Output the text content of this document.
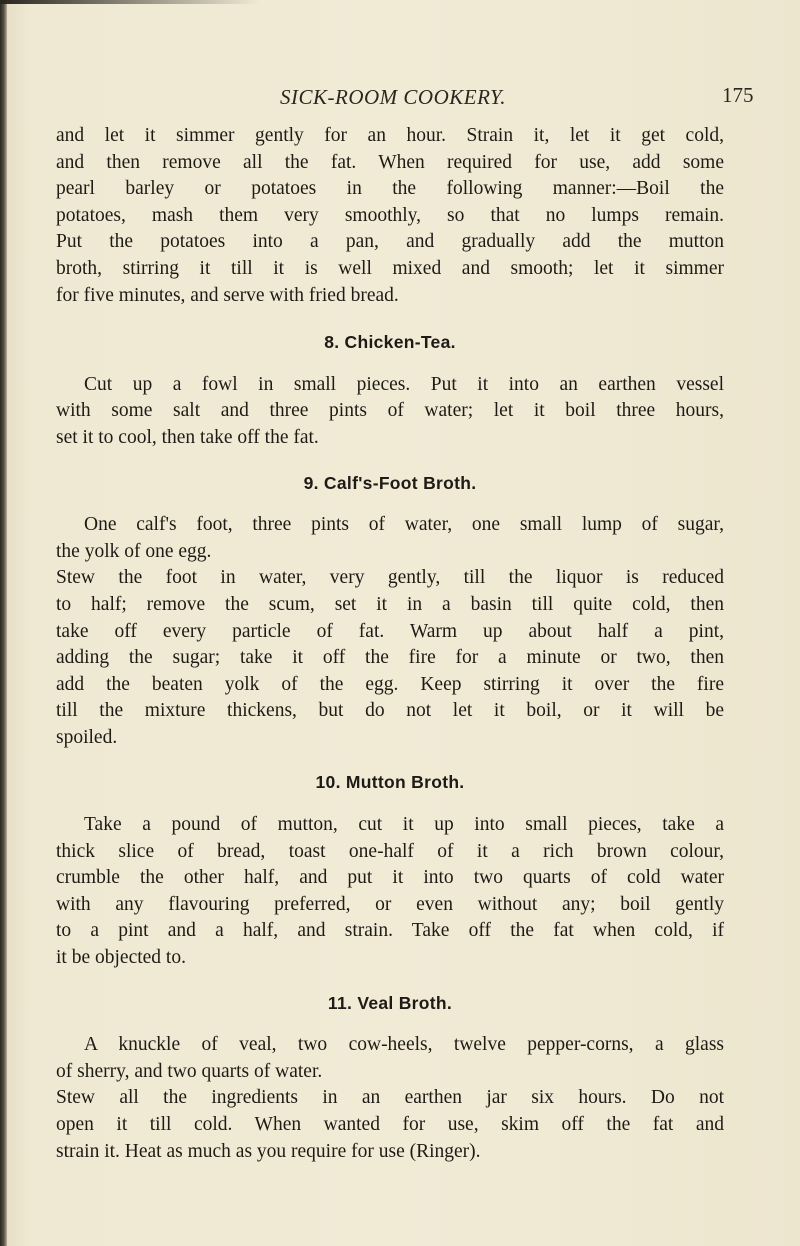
SICK-ROOM COOKERY.	175
and let it simmer gently for an hour. Strain it, let it get cold,
and then remove all the fat. When required for use, add some
pearl barley or potatoes in the following manner:—Boil the
potatoes, mash them very smoothly, so that no lumps remain.
Put the potatoes into a pan, and gradually add the mutton
broth, stirring it till it is well mixed and smooth; let it simmer
for five minutes, and serve with fried bread.
8. Chicken-Tea.
Cut up a fowl in small pieces. Put it into an earthen vessel
with some salt and three pints of water; let it boil three hours,
set it to cool, then take off the fat.
9. Calf's-Foot Broth.
One calf's foot, three pints of water, one small lump of sugar,
the yolk of one egg.
Stew the foot in water, very gently, till the liquor is reduced
to half; remove the scum, set it in a basin till quite cold, then
take off every particle of fat. Warm up about half a pint,
adding the sugar; take it off the fire for a minute or two, then
add the beaten yolk of the egg. Keep stirring it over the fire
till the mixture thickens, but do not let it boil, or it will be
spoiled.
10. Mutton Broth.
Take a pound of mutton, cut it up into small pieces, take a
thick slice of bread, toast one-half of it a rich brown colour,
crumble the other half, and put it into two quarts of cold water
with any flavouring preferred, or even without any; boil gently
to a pint and a half, and strain. Take off the fat when cold, if
it be objected to.
11. Veal Broth.
A knuckle of veal, two cow-heels, twelve pepper-corns, a glass
of sherry, and two quarts of water.
Stew all the ingredients in an earthen jar six hours. Do not
open it till cold. When wanted for use, skim off the fat and
strain it. Heat as much as you require for use (Ringer).
